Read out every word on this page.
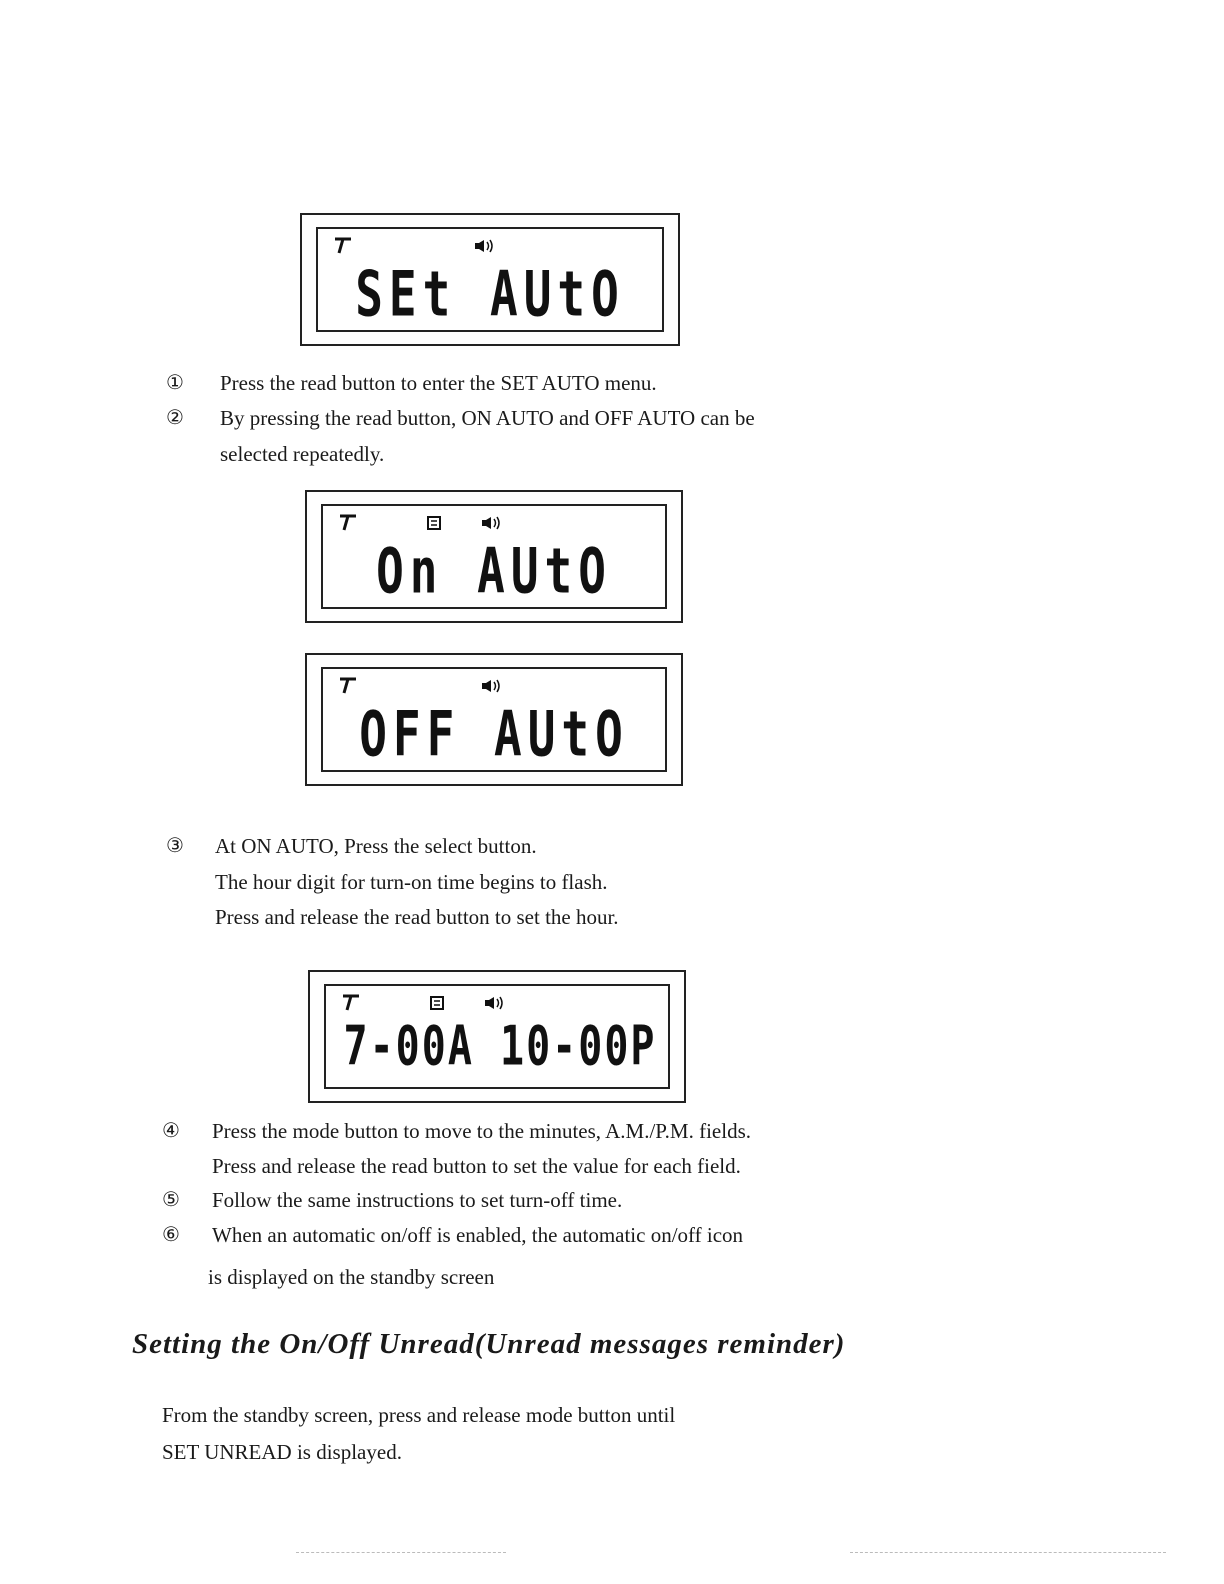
SEt AUtO
① Press the read button to enter the SET AUTO menu.

② By pressing the read button, ON AUTO and OFF AUTO can be

selected repeatedly.

On AUtO
OFF AUtO
③ At ON AUTO, Press the select button.

The hour digit for turn-on time begins to flash.

Press and release the read button to set the hour.

7-00A 10-00P
④ Press the mode button to move to the minutes, A.M./P.M. fields.

Press and release the read button to set the value for each field.

⑤ Follow the same instructions to set turn-off time.

⑥ When an automatic on/off is enabled, the automatic on/off icon

is displayed on the standby screen

Setting the On/Off Unread(Unread messages reminder)

From the standby screen, press and release mode button until

SET UNREAD is displayed.
